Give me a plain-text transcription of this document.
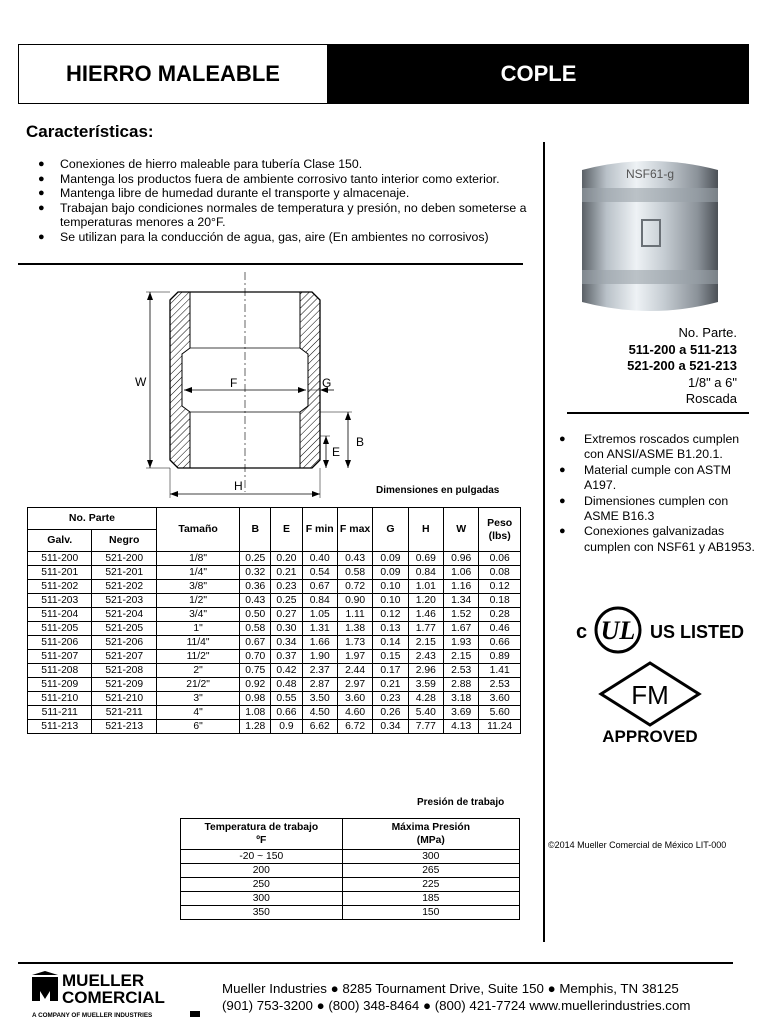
HIERRO MALEABLE	COPLE
Características:
● Conexiones de hierro maleable para tubería Clase 150.
● Mantenga los productos fuera de ambiente corrosivo tanto interior como exterior.
● Mantenga libre de humedad durante el transporte y almacenaje.
● Trabajan bajo condiciones normales de temperatura y presión, no deben someterse a temperaturas menores a 20°F.
● Se utilizan para la conducción de agua, gas, aire (En ambientes no corrosivos)
NSF61-g
No. Parte.
511-200 a 511-213
521-200 a 521-213
1/8" a 6"
Roscada
● Extremos roscados cumplen con ANSI/ASME B1.20.1.
● Material cumple con ASTM A197.
● Dimensiones cumplen con ASME B16.3
● Conexiones galvanizadas cumplen con NSF61 y AB1953.
c UL US LISTED
FM
APPROVED
©2014 Mueller Comercial de México LIT-000
W	F	G
B
E
H	Dimensiones en pulgadas
No. Parte		Tamaño	B	E	F min	F max	G	H	W	Peso (lbs)
Galv.	Negro									
511-200	521-200	1/8"	0.25	0.20	0.40	0.43	0.09	0.69	0.96	0.06
511-201	521-201	1/4"	0.32	0.21	0.54	0.58	0.09	0.84	1.06	0.08
511-202	521-202	3/8"	0.36	0.23	0.67	0.72	0.10	1.01	1.16	0.12
511-203	521-203	1/2"	0.43	0.25	0.84	0.90	0.10	1.20	1.34	0.18
511-204	521-204	3/4"	0.50	0.27	1.05	1.11	0.12	1.46	1.52	0.28
511-205	521-205	1"	0.58	0.30	1.31	1.38	0.13	1.77	1.67	0.46
511-206	521-206	11/4"	0.67	0.34	1.66	1.73	0.14	2.15	1.93	0.66
511-207	521-207	11/2"	0.70	0.37	1.90	1.97	0.15	2.43	2.15	0.89
511-208	521-208	2"	0.75	0.42	2.37	2.44	0.17	2.96	2.53	1.41
511-209	521-209	21/2"	0.92	0.48	2.87	2.97	0.21	3.59	2.88	2.53
511-210	521-210	3"	0.98	0.55	3.50	3.60	0.23	4.28	3.18	3.60
511-211	521-211	4"	1.08	0.66	4.50	4.60	0.26	5.40	3.69	5.60
511-213	521-213	6"	1.28	0.9	6.62	6.72	0.34	7.77	4.13	11.24
Presión de trabajo
Temperatura de trabajo
ºF	Máxima Presión
(MPa)
-20 ~ 150	300
200	265
250	225
300	185
350	150
MUELLER
COMERCIAL
A COMPANY OF MUELLER INDUSTRIES
Mueller Industries ● 8285 Tournament Drive, Suite 150 ● Memphis, TN 38125
(901) 753-3200 ● (800) 348-8464 ● (800) 421-7724 www.muellerindustries.com
